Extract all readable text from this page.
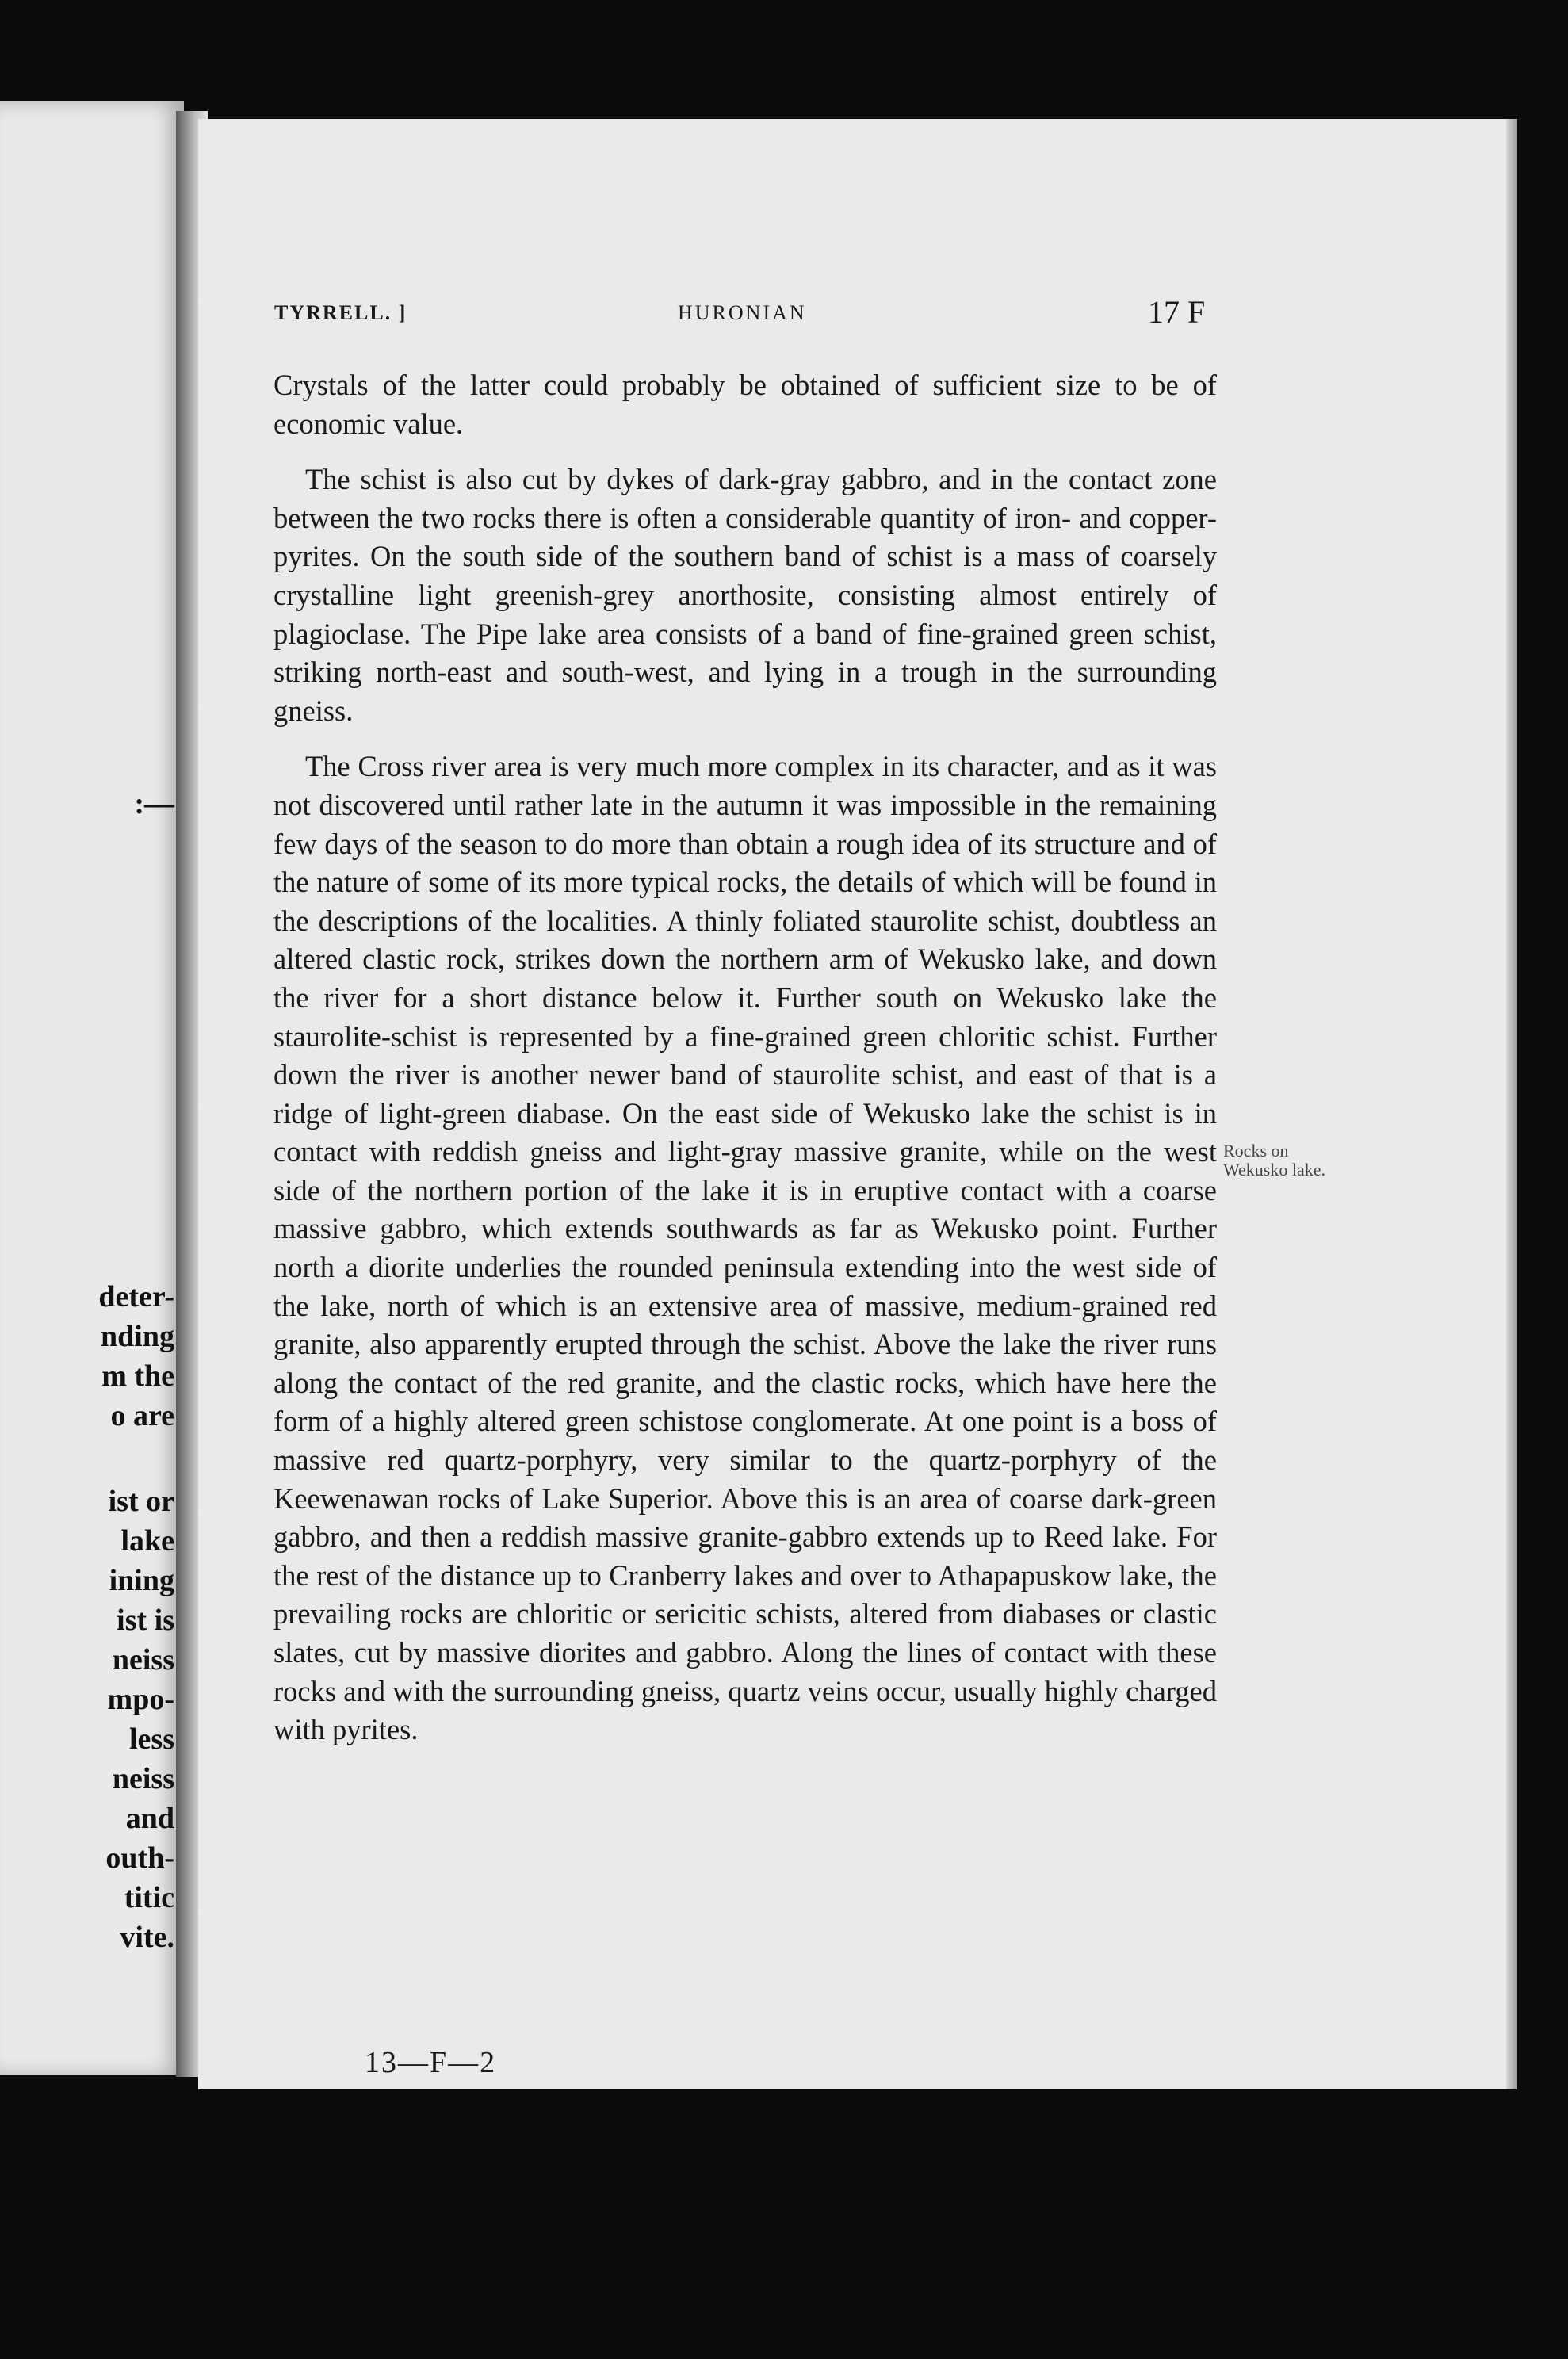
:—
deter-
nding
m the
o are
ist or
lake
ining
ist is
neiss
mpo-
less
neiss
and
outh-
titic
vite.
TYRRELL. ]	HURONIAN	17 F

Crystals of the latter could probably be obtained of sufficient size to be of economic value.

The schist is also cut by dykes of dark-gray gabbro, and in the contact zone between the two rocks there is often a considerable quantity of iron- and copper-pyrites. On the south side of the southern band of schist is a mass of coarsely crystalline light greenish-grey anorthosite, consisting almost entirely of plagioclase. The Pipe lake area consists of a band of fine-grained green schist, striking north-east and south-west, and lying in a trough in the surrounding gneiss.

The Cross river area is very much more complex in its character, and as it was not discovered until rather late in the autumn it was impossible in the remaining few days of the season to do more than obtain a rough idea of its structure and of the nature of some of its more typical rocks, the details of which will be found in the descriptions of the localities. A thinly foliated staurolite schist, doubtless an altered clastic rock, strikes down the northern arm of Wekusko lake, and down the river for a short distance below it. Further south on Wekusko lake the staurolite-schist is represented by a fine-grained green chloritic schist. Further down the river is another newer band of staurolite schist, and east of that is a ridge of light-green diabase. On the east side of Wekusko lake the schist is in contact with reddish gneiss and light-gray massive granite, while on the west side of the northern portion of the lake it is in eruptive contact with a coarse massive gabbro, which extends southwards as far as Wekusko point. Further north a diorite underlies the rounded peninsula extending into the west side of the lake, north of which is an extensive area of massive, medium-grained red granite, also apparently erupted through the schist. Above the lake the river runs along the contact of the red granite, and the clastic rocks, which have here the form of a highly altered green schistose conglomerate. At one point is a boss of massive red quartz-porphyry, very similar to the quartz-porphyry of the Keewenawan rocks of Lake Superior. Above this is an area of coarse dark-green gabbro, and then a reddish massive granite-gabbro extends up to Reed lake. For the rest of the distance up to Cranberry lakes and over to Athapapuskow lake, the prevailing rocks are chloritic or sericitic schists, altered from diabases or clastic slates, cut by massive diorites and gabbro. Along the lines of contact with these rocks and with the surrounding gneiss, quartz veins occur, usually highly charged with pyrites.

Rocks on Wekusko lake.
13—F—2
